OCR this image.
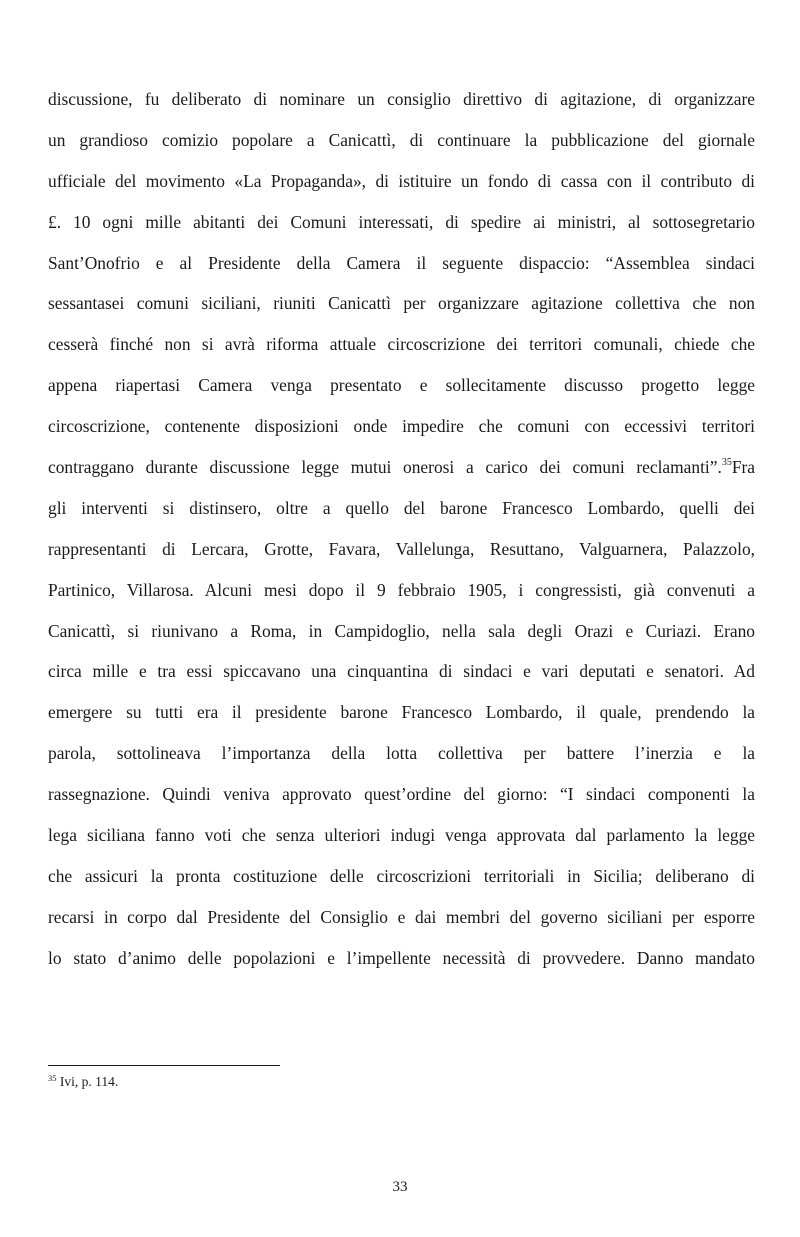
discussione, fu deliberato di nominare un consiglio direttivo di agitazione, di organizzare
un grandioso comizio popolare a Canicattì, di continuare la pubblicazione del giornale
ufficiale del movimento «La Propaganda», di istituire un fondo di cassa con il contributo di
£. 10 ogni mille abitanti dei Comuni interessati, di spedire ai ministri, al sottosegretario
Sant’Onofrio e al Presidente della Camera il seguente dispaccio: “Assemblea sindaci
sessantasei comuni siciliani, riuniti Canicattì per organizzare agitazione collettiva che non
cesserà finché non si avrà riforma attuale circoscrizione dei territori comunali, chiede che
appena riapertasi Camera venga presentato e sollecitamente discusso progetto legge
circoscrizione, contenente disposizioni onde impedire che comuni con eccessivi territori
contraggano durante discussione legge mutui onerosi a carico dei comuni reclamanti”.$^{35}$Fra
gli interventi si distinsero, oltre a quello del barone Francesco Lombardo, quelli dei
rappresentanti di Lercara, Grotte, Favara, Vallelunga, Resuttano, Valguarnera, Palazzolo,
Partinico, Villarosa. Alcuni mesi dopo il 9 febbraio 1905, i congressisti, già convenuti a
Canicattì, si riunivano a Roma, in Campidoglio, nella sala degli Orazi e Curiazi. Erano
circa mille e tra essi spiccavano una cinquantina di sindaci e vari deputati e senatori. Ad
emergere su tutti era il presidente barone Francesco Lombardo, il quale, prendendo la
parola, sottolineava l’importanza della lotta collettiva per battere l’inerzia e la
rassegnazione. Quindi veniva approvato quest’ordine del giorno: “I sindaci componenti la
lega siciliana fanno voti che senza ulteriori indugi venga approvata dal parlamento la legge
che assicuri la pronta costituzione delle circoscrizioni territoriali in Sicilia; deliberano di
recarsi in corpo dal Presidente del Consiglio e dai membri del governo siciliani per esporre
lo stato d’animo delle popolazioni e l’impellente necessità di provvedere. Danno mandato
$^{35}$ Ivi, p. 114.
33
